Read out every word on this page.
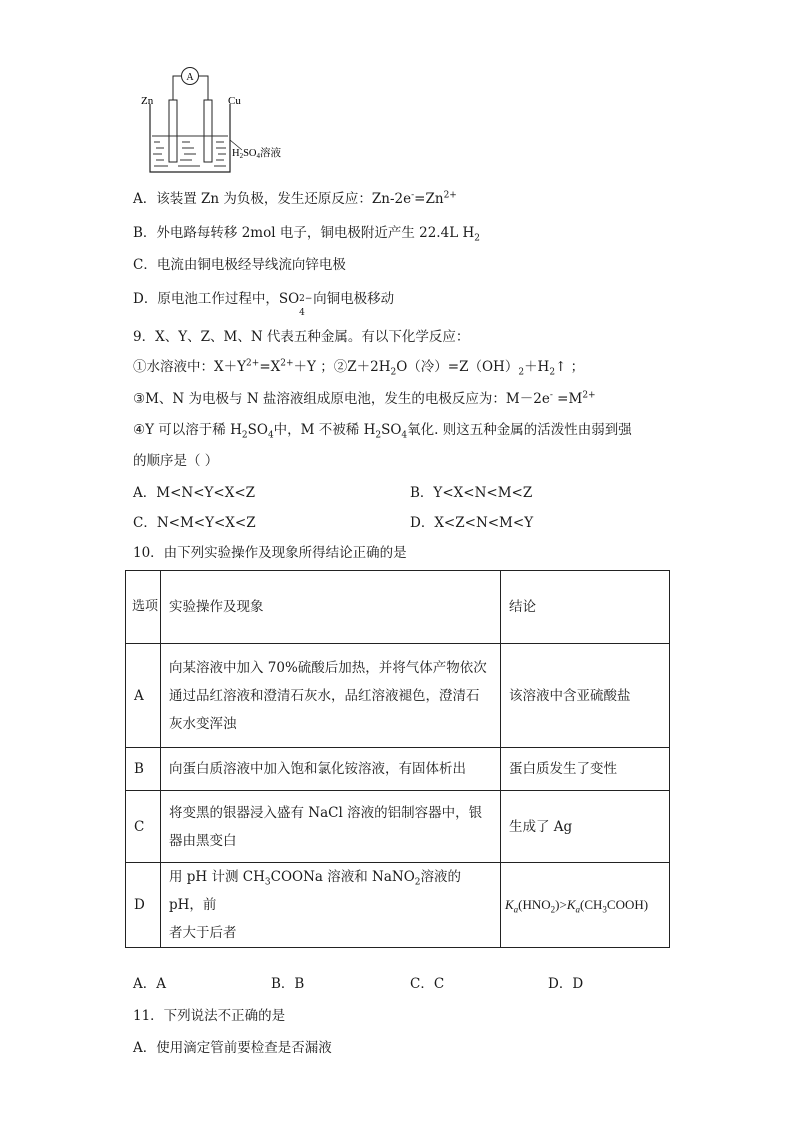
A
Zn	Cu
H2SO4溶液
A．该装置 Zn 为负极，发生还原反应：$Zn-2e^-=Zn^{2+}$
B．外电路每转移 2mol 电子，铜电极附近产生 22.4L $H_2$
C．电流由铜电极经导线流向锌电极
D．原电池工作过程中，SO 2−
4
向铜电极移动
9．X、Y、Z、M、N 代表五种金属。有以下化学反应：
①水溶液中：$X+Y^{2+}=X^{2+}+Y$ ；$②Z+2H_2O$（冷）$=Z(OH)_2+H_2↑$ ；
③M、N 为电极与 N 盐溶液组成原电池，发生的电极反应为：$M-2e^- =M^{2+}$
④Y 可以溶于稀 $H_2SO_4$中，M 不被稀 $H_2SO_4$氧化. 则这五种金属的活泼性由弱到强
的顺序是（ ）
A．M<N<Y<X<Z	B．Y<X<N<M<Z
C．N<M<Y<X<Z	D．X<Z<N<M<Y
10．由下列实验操作及现象所得结论正确的是
选项	实验操作及现象	结论
A	向某溶液中加入 70%硫酸后加热，并将气体产物依次
通过品红溶液和澄清石灰水，品红溶液褪色，澄清石
灰水变浑浊	该溶液中含亚硫酸盐
B	向蛋白质溶液中加入饱和氯化铵溶液，有固体析出	蛋白质发生了变性
C	将变黑的银器浸入盛有 NaCl 溶液的铝制容器中，银
器由黑变白	生成了 Ag
D	用 pH 计测 $CH_3COONa$ 溶液和 NaNO$_2$溶液的 pH，前
者大于后者	$K_a(HNO_2)>K_a(CH_3COOH)$
A．A	B．B	C．C	D．D
11．下列说法不正确的是
A．使用滴定管前要检查是否漏液
